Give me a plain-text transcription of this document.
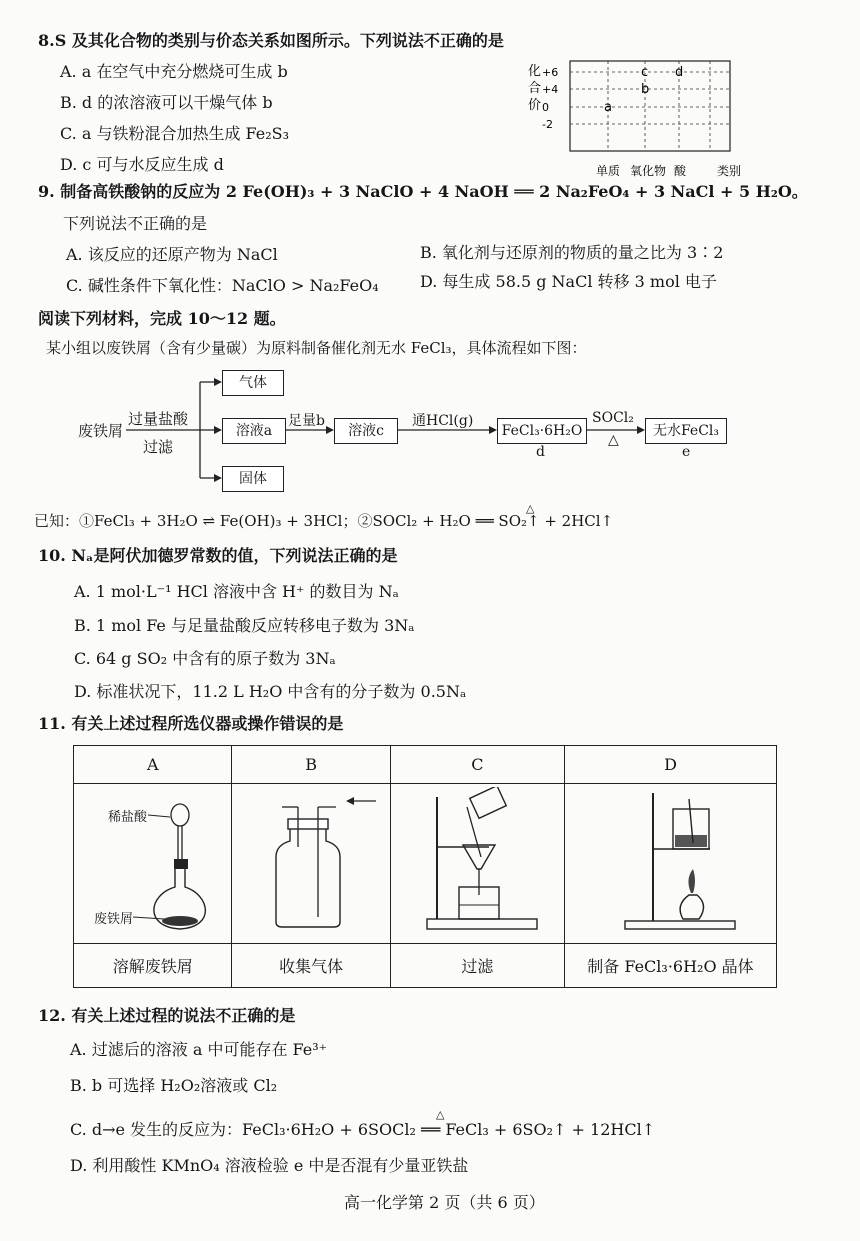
8.S 及其化合物的类别与价态关系如图所示。下列说法不正确的是
A. a 在空气中充分燃烧可生成 b
B. d 的浓溶液可以干燥气体 b
C. a 与铁粉混合加热生成 Fe₂S₃
D. c 可与水反应生成 d
化
合
价
+6
+4
0
-2
a
b
c d
单质 氧化物 酸	类别
9. 制备高铁酸钠的反应为 2 Fe(OH)₃ + 3 NaClO + 4 NaOH ══ 2 Na₂FeO₄ + 3 NaCl + 5 H₂O。
下列说法不正确的是
A. 该反应的还原产物为 NaCl	B. 氧化剂与还原剂的物质的量之比为 3∶2
C. 碱性条件下氧化性：NaClO > Na₂FeO₄	D. 每生成 58.5 g NaCl 转移 3 mol 电子
阅读下列材料，完成 10～12 题。
某小组以废铁屑（含有少量碳）为原料制备催化剂无水 FeCl₃，具体流程如下图：
废铁屑
过量盐酸
过滤
气体
溶液a
固体
足量b
溶液c
通HCl(g)
FeCl₃·6H₂O
d
SOCl₂
△
无水FeCl₃
e
已知：①FeCl₃ + 3H₂O ⇌ Fe(OH)₃ + 3HCl；②SOCl₂ + H₂O ══ SO₂↑ + 2HCl↑
△
10. Nₐ是阿伏加德罗常数的值，下列说法正确的是
A. 1 mol·L⁻¹ HCl 溶液中含 H⁺ 的数目为 Nₐ
B. 1 mol Fe 与足量盐酸反应转移电子数为 3Nₐ
C. 64 g SO₂ 中含有的原子数为 3Nₐ
D. 标准状况下，11.2 L H₂O 中含有的分子数为 0.5Nₐ
11. 有关上述过程所选仪器或操作错误的是
A	B	C	D

稀盐酸
废铁屑

溶解废铁屑	收集气体	过滤	制备 FeCl₃·6H₂O 晶体
12. 有关上述过程的说法不正确的是
A. 过滤后的溶液 a 中可能存在 Fe³⁺
B. b 可选择 H₂O₂溶液或 Cl₂
C. d→e 发生的反应为：FeCl₃·6H₂O + 6SOCl₂ ══ FeCl₃ + 6SO₂↑ + 12HCl↑
△
D. 利用酸性 KMnO₄ 溶液检验 e 中是否混有少量亚铁盐
高一化学第 2 页（共 6 页）
